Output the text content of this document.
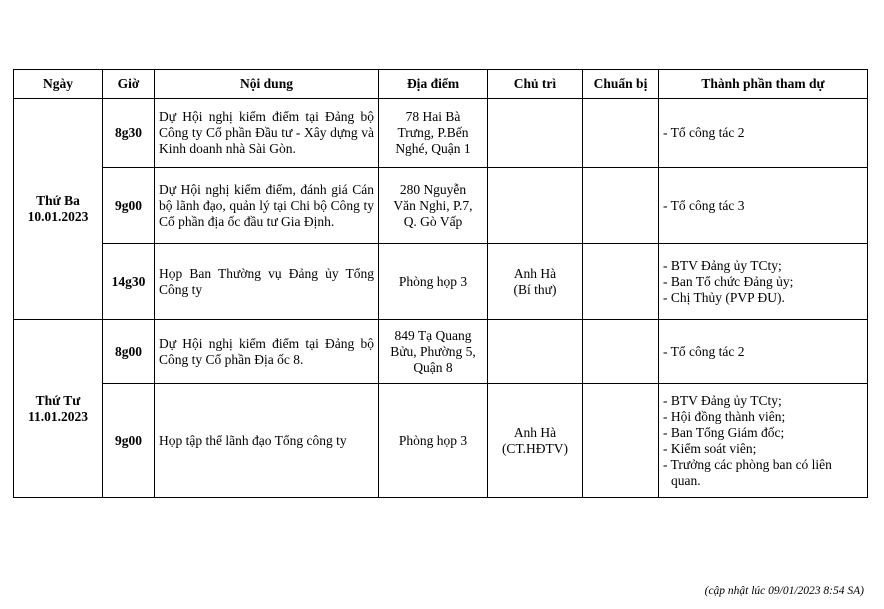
Ngày	Giờ	Nội dung	Địa điểm	Chủ trì	Chuẩn bị	Thành phần tham dự

Thứ Ba
10.01.2023	8g30	Dự Hội nghị kiểm điểm tại Đảng bộ Công ty Cổ phần Đầu tư - Xây dựng và Kinh doanh nhà Sài Gòn.	78 Hai Bà
Trưng, P.Bến
Nghé, Quận 1			- Tổ công tác 2

	9g00	Dự Hội nghị kiểm điểm, đánh giá Cán bộ lãnh đạo, quản lý tại Chi bộ Công ty Cổ phần địa ốc đầu tư Gia Định.	280 Nguyễn
Văn Nghi, P.7,
Q. Gò Vấp			- Tổ công tác 3

	14g30	Họp Ban Thường vụ Đảng ủy Tổng Công ty	Phòng họp 3	Anh Hà
(Bí thư)		- BTV Đảng ủy TCty;
- Ban Tổ chức Đảng ủy;
- Chị Thủy (PVP ĐU).

Thứ Tư
11.01.2023	8g00	Dự Hội nghị kiểm điểm tại Đảng bộ Công ty Cổ phần Địa ốc 8.	849 Tạ Quang
Bửu, Phường 5,
Quận 8			- Tổ công tác 2

	9g00	Họp tập thể lãnh đạo Tổng công ty	Phòng họp 3	Anh Hà
(CT.HĐTV)		- BTV Đảng ủy TCty;
- Hội đồng thành viên;
- Ban Tổng Giám đốc;
- Kiểm soát viên;
- Trưởng các phòng ban có liên quan.
(cập nhật lúc 09/01/2023 8:54 SA)
